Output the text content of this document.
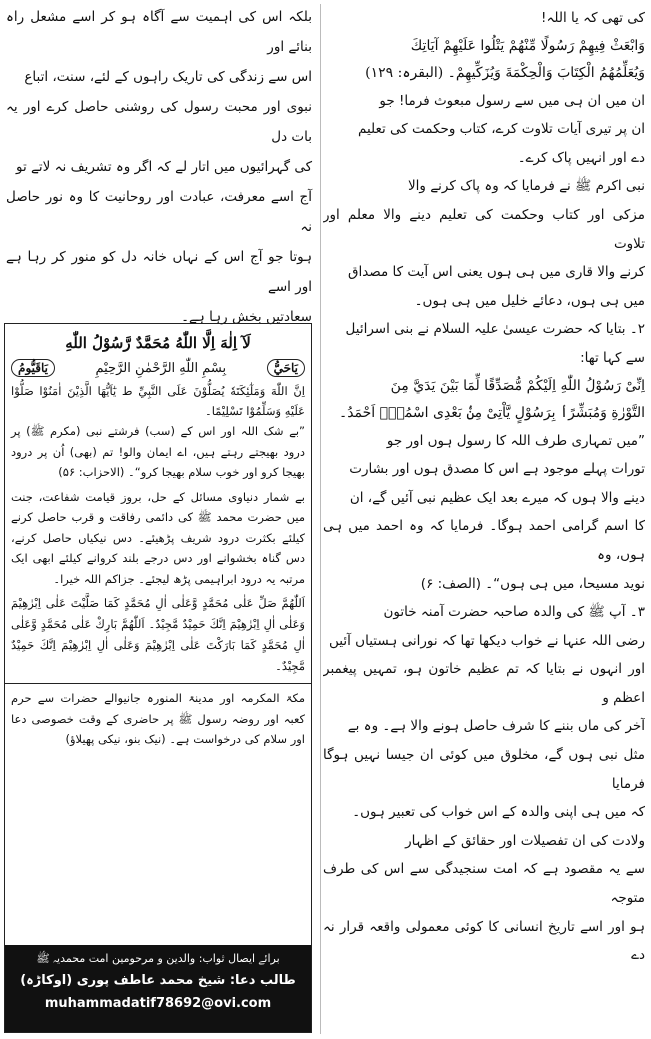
کی تھی کہ یا اللہ!

وَابْعَثْ فِيهِمْ رَسُولًا مِّنْهُمْ يَتْلُوا عَلَيْهِمْ آيَاتِكَ

وَيُعَلِّمُهُمُ الْكِتَابَ وَالْحِكْمَةَ وَيُزَكِّيهِمْ۔ (البقرہ: ۱۲۹)

ان میں ان ہی میں سے رسول مبعوث فرما! جو

ان پر تیری آیات تلاوت کرے، کتاب وحکمت کی تعلیم

دے اور انہیں پاک کرے۔

نبی اکرم ﷺ نے فرمایا کہ وہ پاک کرنے والا

مزکی اور کتاب وحکمت کی تعلیم دینے والا معلم اور تلاوت

کرنے والا قاری میں ہی ہوں یعنی اس آیت کا مصداق

میں ہی ہوں، دعائے خلیل میں ہی ہوں۔

۲۔ بتایا کہ حضرت عیسیٰ علیہ السلام نے بنی اسرائیل

سے کہا تھا:

اِنِّیْ رَسُوْلُ اللّٰهِ اِلَيْكُمْ مُّصَدِّقًا لِّمَا بَيْنَ يَدَيَّ مِنَ

التَّوْرٰةِ وَمُبَشِّرًاۢ بِرَسُوْلٍ يَّاْتِیْ مِنْۢ بَعْدِی اسْمُهٗۤ اَحْمَدُ۔

”میں تمہاری طرف اللہ کا رسول ہوں اور جو

تورات پہلے موجود ہے اس کا مصدق ہوں اور بشارت

دینے والا ہوں کہ میرے بعد ایک عظیم نبی آئیں گے، ان

کا اسم گرامی احمد ہوگا۔ فرمایا کہ وہ احمد میں ہی ہوں، وہ

نوید مسیحا، میں ہی ہوں“۔ (الصف: ۶)

۳۔ آپ ﷺ کی والدہ صاحبہ حضرت آمنہ خاتون

رضی اللہ عنہا نے خواب دیکھا تھا کہ نورانی ہستیاں آئیں

اور انہوں نے بتایا کہ تم عظیم خاتون ہو، تمہیں پیغمبر اعظم و

آخر کی ماں بننے کا شرف حاصل ہونے والا ہے۔ وہ بے

مثل نبی ہوں گے، مخلوق میں کوئی ان جیسا نہیں ہوگا فرمایا

کہ میں ہی اپنی والدہ کے اس خواب کی تعبیر ہوں۔

ولادت کی ان تفصیلات اور حقائق کے اظہار

سے یہ مقصود ہے کہ امت سنجیدگی سے اس کی طرف متوجہ

ہو اور اسے تاریخ انسانی کا کوئی معمولی واقعہ قرار نہ دے

بلکہ اس کی اہمیت سے آگاہ ہو کر اسے مشعل راہ بنائے اور

اس سے زندگی کی تاریک راہوں کے لئے، سنت، اتباع

نبوی اور محبت رسول کی روشنی حاصل کرے اور یہ بات دل

کی گہرائیوں میں اتار لے کہ اگر وہ تشریف نہ لاتے تو

آج اسے معرفت، عبادت اور روحانیت کا وہ نور حاصل نہ

ہوتا جو آج اس کے نہاں خانہ دل کو منور کر رہا ہے اور اسے

سعادتیں بخش رہا ہے۔

لَآ اِلٰهَ اِلَّا اللّٰهُ مُحَمَّدٌ رَّسُوْلُ اللّٰهِ
يَاحَيُّ
بِسْمِ اللّٰهِ الرَّحْمٰنِ الرَّحِيْمِ
يَاقَيُّومُ

اِنَّ اللّٰهَ وَمَلٰٓئِكَتَهٗ يُصَلُّوْنَ عَلَى النَّبِيِّ ط يٰٓاَيُّهَا الَّذِيْنَ اٰمَنُوْا صَلُّوْا عَلَيْهِ وَسَلِّمُوْا تَسْلِيْمًا۔

”بے شک اللہ اور اس کے (سب) فرشتے نبی (مکرم ﷺ) پر درود بھیجتے رہتے ہیں، اے ایمان والو! تم (بھی) اُن پر درود بھیجا کرو اور خوب سلام بھیجا کرو“۔ (الاحزاب: ۵۶)

بے شمار دنیاوی مسائل کے حل، بروز قیامت شفاعت، جنت میں حضرت محمد ﷺ کی دائمی رفاقت و قرب حاصل کرنے کیلئے بکثرت درود شریف پڑھیئے۔ دس نیکیاں حاصل کرنے، دس گناہ بخشوانے اور دس درجے بلند کروانے کیلئے ابھی ایک مرتبہ یہ درود ابراہیمی پڑھ لیجئے۔ جزاکم اللہ خیرا۔

اَللّٰهُمَّ صَلِّ عَلٰى مُحَمَّدٍ وَّعَلٰى اٰلِ مُحَمَّدٍ كَمَا صَلَّيْتَ عَلٰى اِبْرٰهِيْمَ وَعَلٰى اٰلِ اِبْرٰهِيْمَ اِنَّكَ حَمِيْدٌ مَّجِيْدٌ۔ اَللّٰهُمَّ بَارِكْ عَلٰى مُحَمَّدٍ وَّعَلٰى اٰلِ مُحَمَّدٍ كَمَا بَارَكْتَ عَلٰى اِبْرٰهِيْمَ وَعَلٰى اٰلِ اِبْرٰهِيْمَ اِنَّكَ حَمِيْدٌ مَّجِيْدٌ۔

مکۃ المکرمہ اور مدینۃ المنورہ جانیوالے حضرات سے حرم کعبہ اور روضہ رسول ﷺ پر حاضری کے وقت خصوصی دعا اور سلام کی درخواست ہے۔ (نیک بنو، نیکی پھیلاؤ)

برائے ایصال ثواب: والدین و مرحومین امت محمدیہ ﷺ
طالب دعا: شیخ محمد عاطف پوری (اوکاڑہ)
muhammadatif78692@ovi.com
